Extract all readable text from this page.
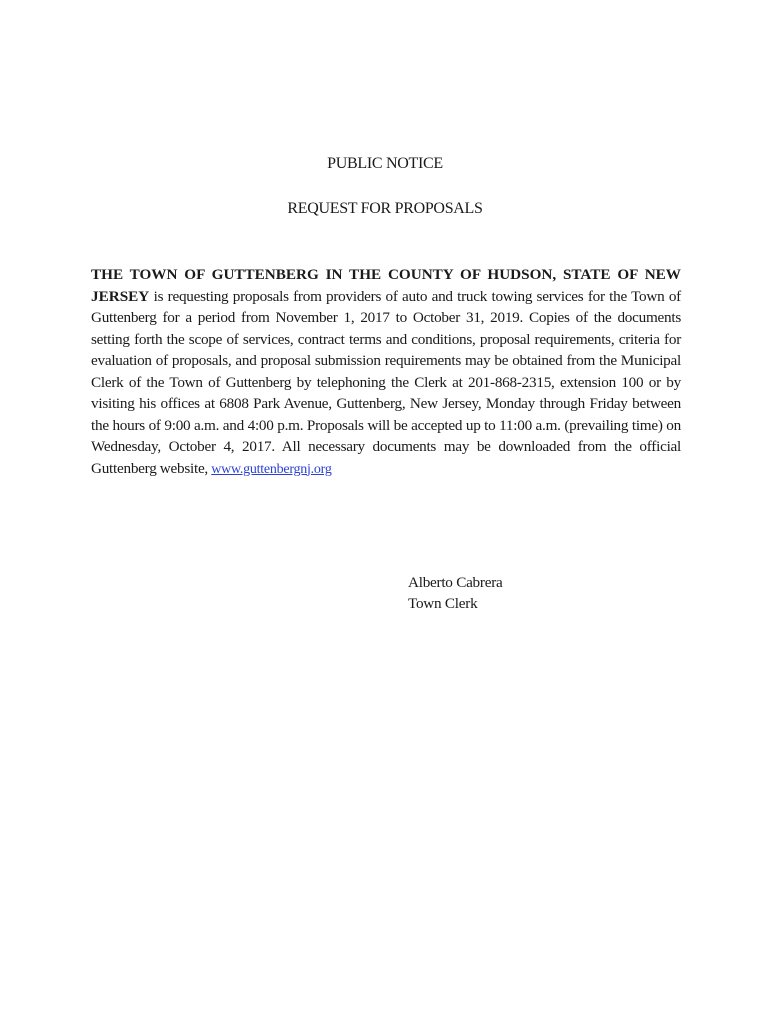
PUBLIC NOTICE
REQUEST FOR PROPOSALS
THE TOWN OF GUTTENBERG IN THE COUNTY OF HUDSON, STATE OF NEW JERSEY is requesting proposals from providers of auto and truck towing services for the Town of Guttenberg for a period from November 1, 2017 to October 31, 2019. Copies of the documents setting forth the scope of services, contract terms and conditions, proposal requirements, criteria for evaluation of proposals, and proposal submission requirements may be obtained from the Municipal Clerk of the Town of Guttenberg by telephoning the Clerk at 201-868-2315, extension 100 or by visiting his offices at 6808 Park Avenue, Guttenberg, New Jersey, Monday through Friday between the hours of 9:00 a.m. and 4:00 p.m. Proposals will be accepted up to 11:00 a.m. (prevailing time) on Wednesday, October 4, 2017. All necessary documents may be downloaded from the official Guttenberg website, www.guttenbergnj.org
Alberto Cabrera
Town Clerk
